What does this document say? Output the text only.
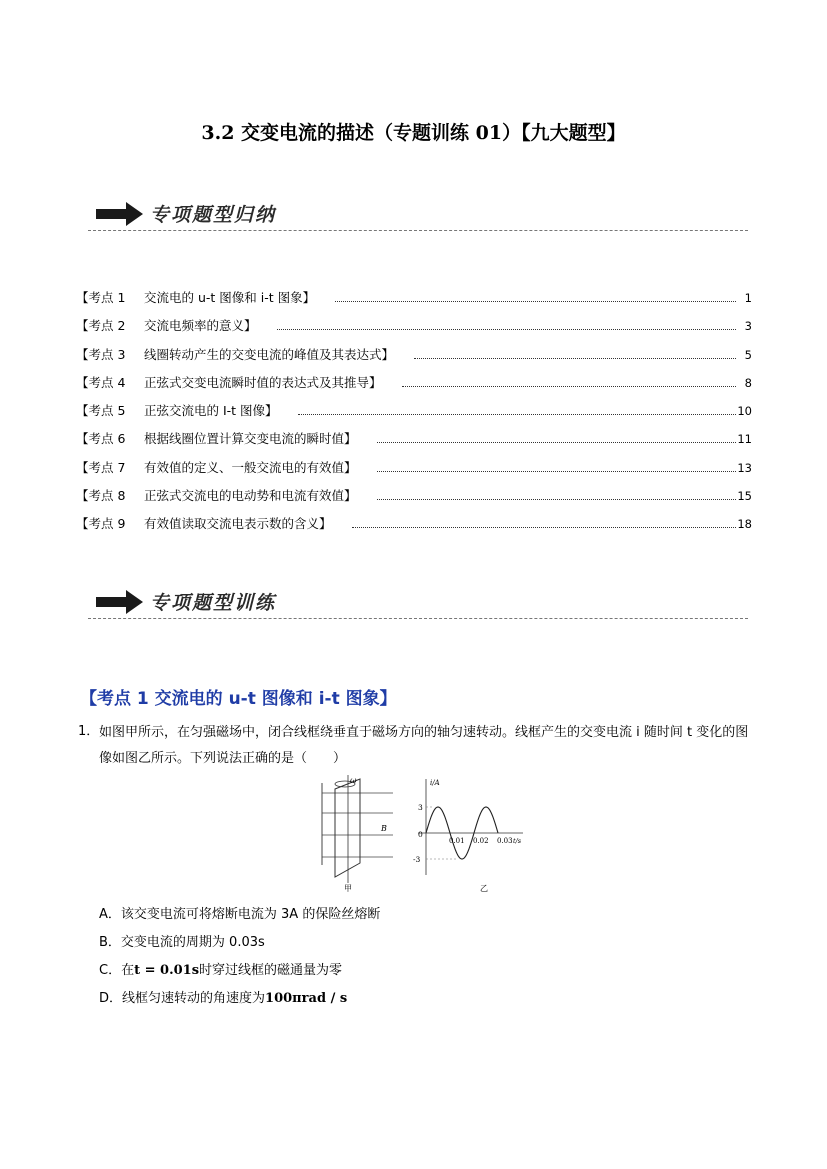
3.2 交变电流的描述（专题训练 01）【九大题型】
专项题型归纳
【考点 1 交流电的 u-t 图像和 i-t 图象】	1
【考点 2 交流电频率的意义】	3
【考点 3 线圈转动产生的交变电流的峰值及其表达式】	5
【考点 4 正弦式交变电流瞬时值的表达式及其推导】	8
【考点 5 正弦交流电的 I-t 图像】	10
【考点 6 根据线圈位置计算交变电流的瞬时值】	11
【考点 7 有效值的定义、一般交流电的有效值】	13
【考点 8 正弦式交流电的电动势和电流有效值】	15
【考点 9 有效值读取交流电表示数的含义】	18
专项题型训练
【考点 1 交流电的 u-t 图像和 i-t 图象】
1． 如图甲所示，在匀强磁场中，闭合线框绕垂直于磁场方向的轴匀速转动。线框产生的交变电流 i 随时间 t 变化的图像如图乙所示。下列说法正确的是（　　）
ω
B
甲
i/A
t/s
3
-3
0
0.01 0.02 0.03
乙
A．该交变电流可将熔断电流为 3A 的保险丝熔断
B．交变电流的周期为 0.03s
C．在t = 0.01s时穿过线框的磁通量为零
D．线框匀速转动的角速度为100πrad / s
